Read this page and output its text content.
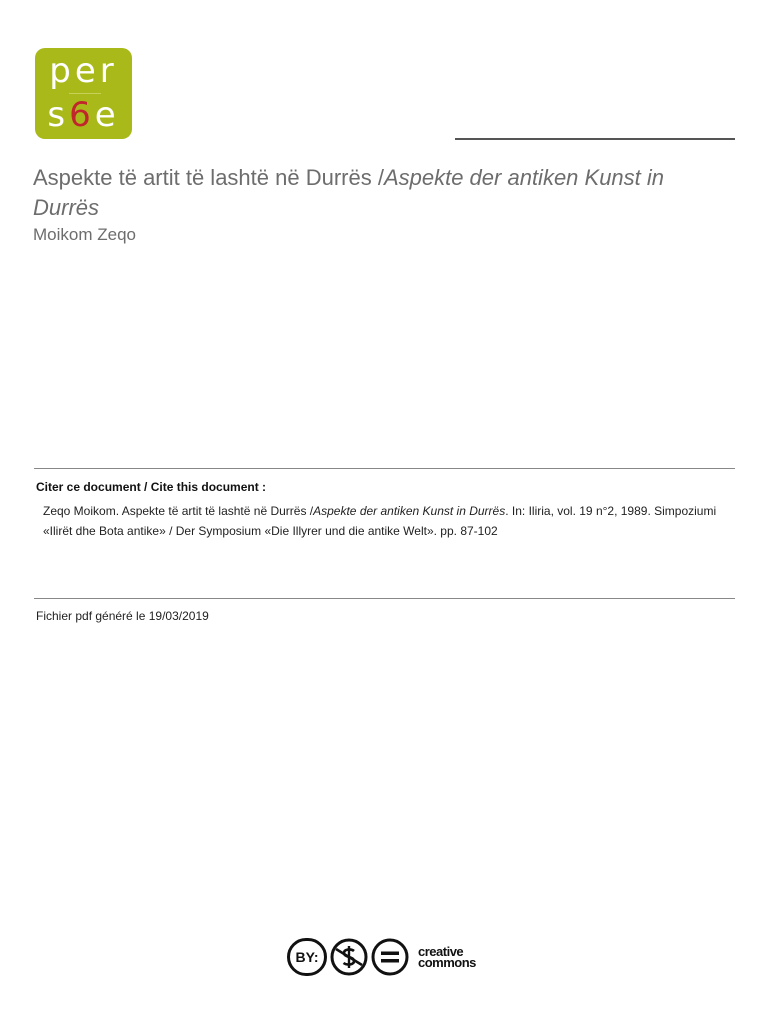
per
s6e
Aspekte të artit të lashtë në Durrës /Aspekte der antiken Kunst in Durrës
Moikom Zeqo
Citer ce document / Cite this document :
Zeqo Moikom. Aspekte të artit të lashtë në Durrës /Aspekte der antiken Kunst in Durrës. In: Iliria, vol. 19 n°2, 1989. Simpoziumi «Ilirët dhe Bota antike» / Der Symposium «Die Illyrer und die antike Welt». pp. 87-102
Fichier pdf généré le 19/03/2019
BY:	creative
commons
